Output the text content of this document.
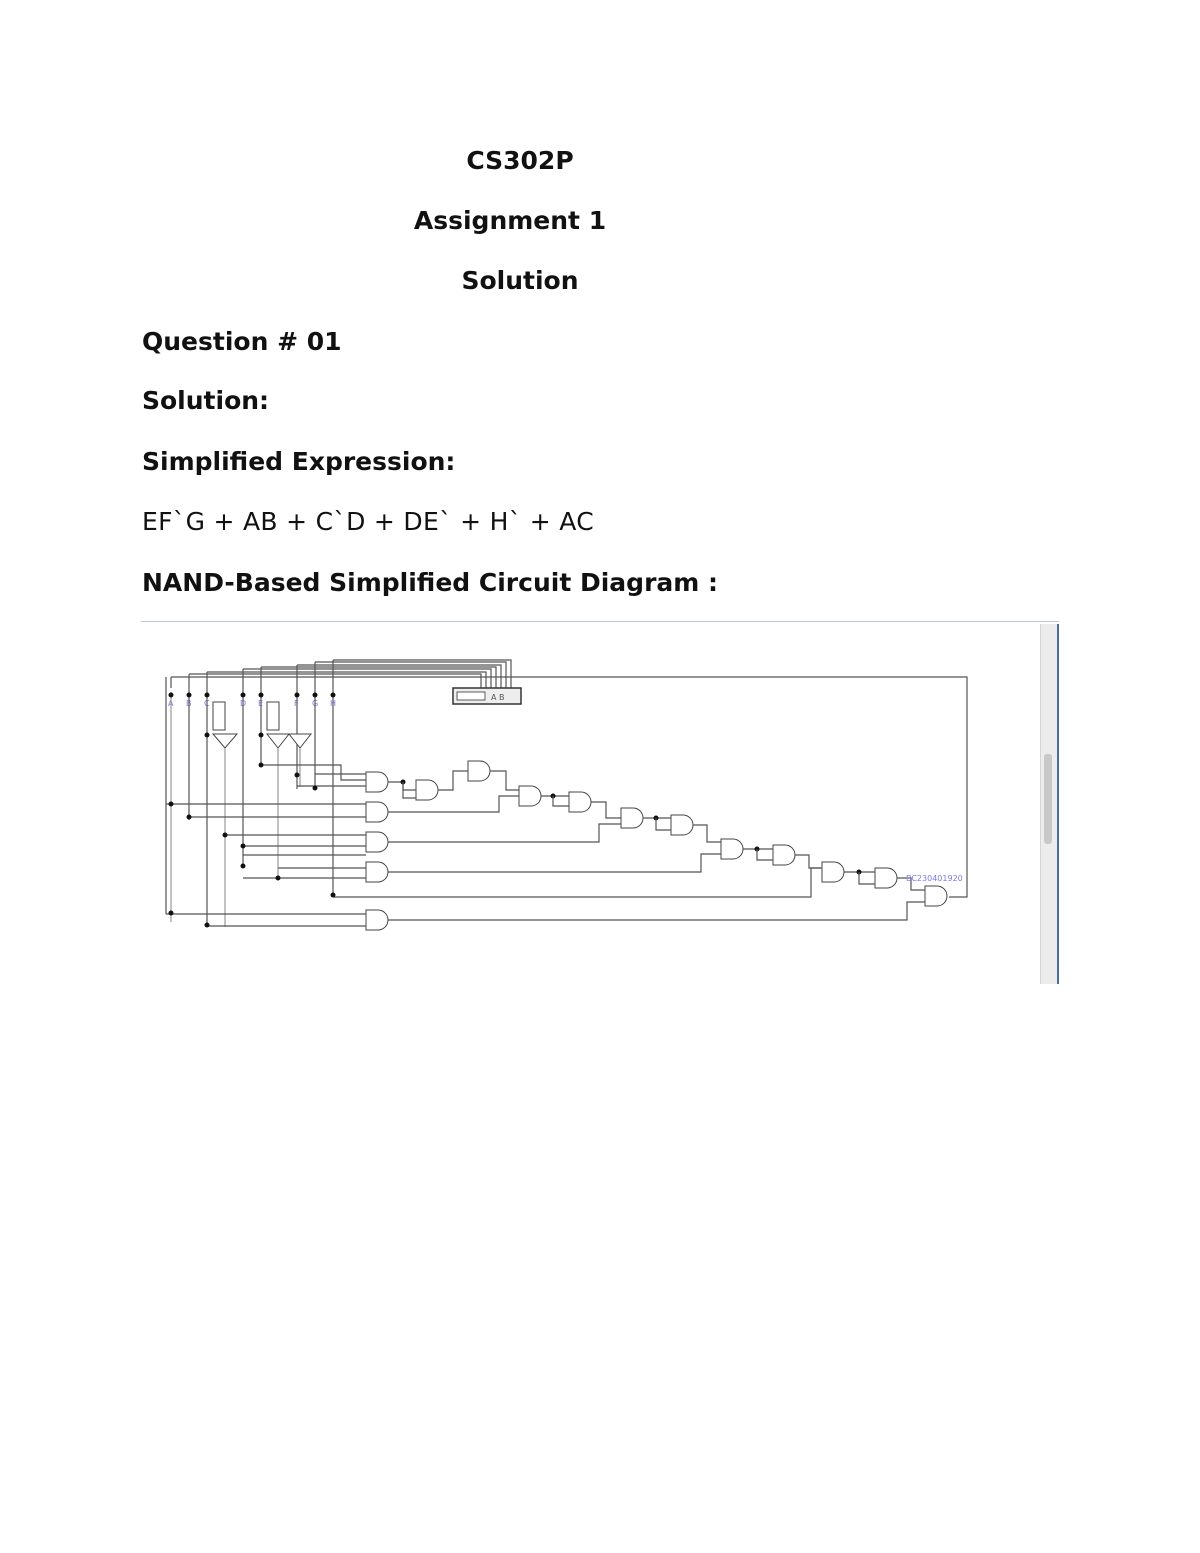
CS302P
Assignment 1
Solution
Question # 01

Solution:

Simplified Expression:

EF`G + AB + C`D + DE` + H` + AC

NAND-Based Simplified Circuit Diagram :

A B C	D E	F G H
A B
BC230401920
